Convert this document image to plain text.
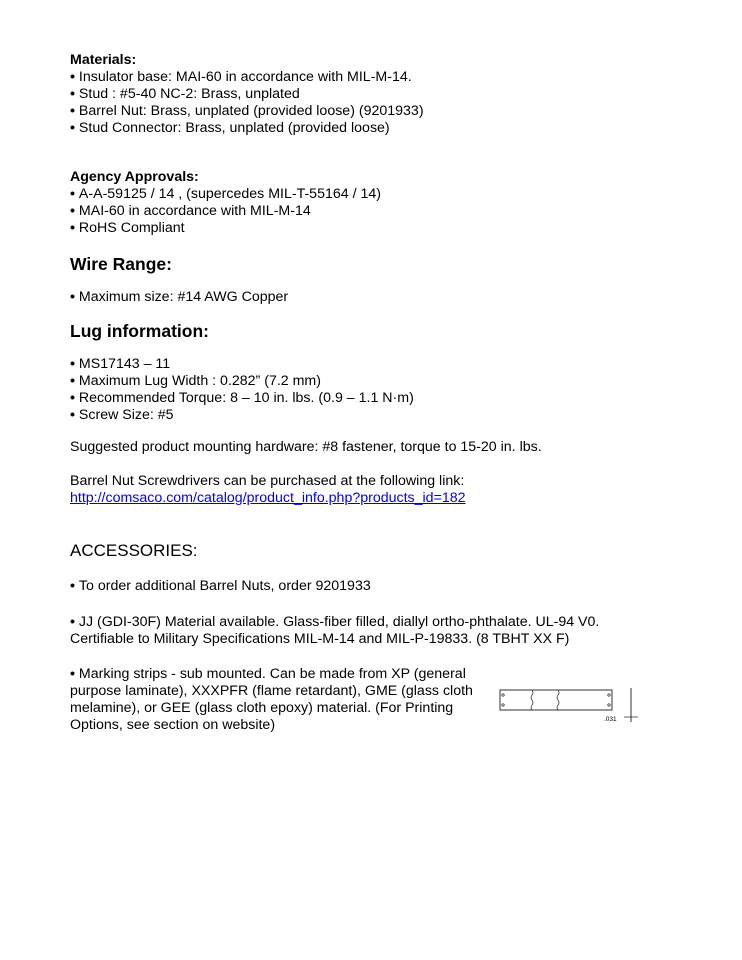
Materials:
• Insulator base: MAI-60 in accordance with MIL-M-14.
• Stud : #5-40 NC-2: Brass, unplated
• Barrel Nut: Brass, unplated (provided loose) (9201933)
• Stud Connector: Brass, unplated (provided loose)
Agency Approvals:
• A-A-59125 / 14 , (supercedes MIL-T-55164 / 14)
• MAI-60 in accordance with MIL-M-14
• RoHS Compliant
Wire Range:
• Maximum size: #14 AWG Copper
Lug information:
• MS17143 – 11
• Maximum Lug Width : 0.282” (7.2 mm)
• Recommended Torque: 8 – 10 in. lbs. (0.9 – 1.1 N·m)
• Screw Size: #5
Suggested product mounting hardware: #8 fastener, torque to 15-20 in. lbs.
Barrel Nut Screwdrivers can be purchased at the following link:
http://comsaco.com/catalog/product_info.php?products_id=182
ACCESSORIES:
• To order additional Barrel Nuts, order 9201933
• JJ (GDI-30F) Material available. Glass-fiber filled, diallyl ortho-phthalate. UL-94 V0.
Certifiable to Military Specifications MIL-M-14 and MIL-P-19833. (8 TBHT XX F)
• Marking strips - sub mounted. Can be made from XP (general
purpose laminate), XXXPFR (flame retardant), GME (glass cloth
melamine), or GEE (glass cloth epoxy) material. (For Printing
Options, see section on website)	.031
